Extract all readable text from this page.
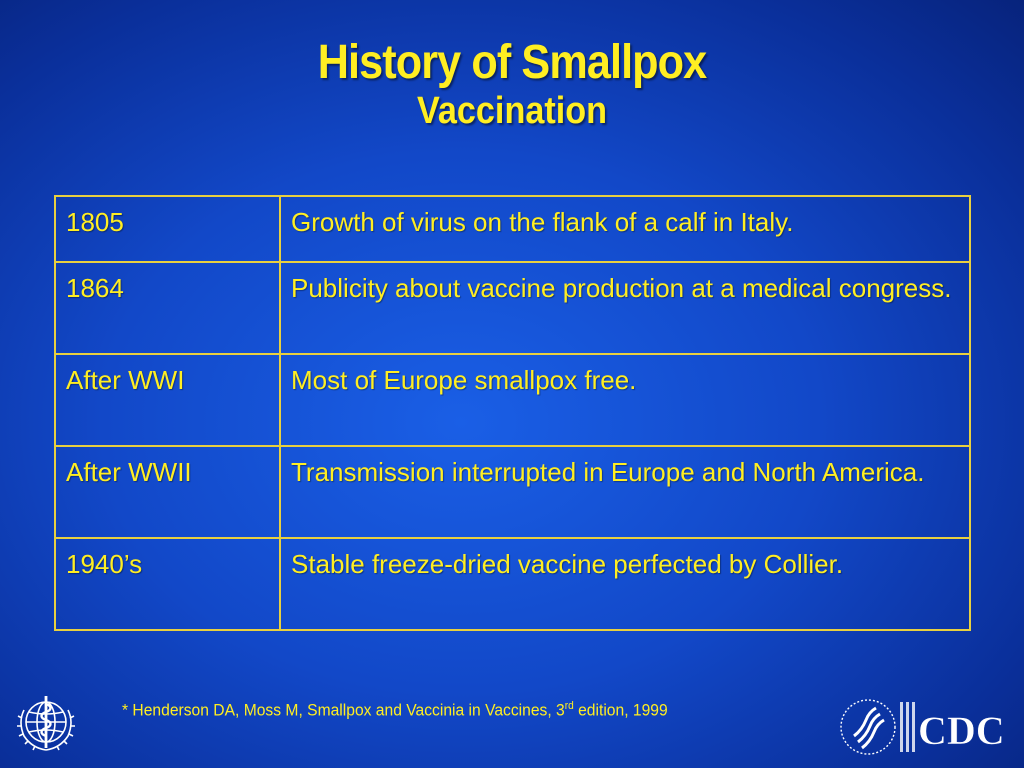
History of Smallpox
Vaccination
1805	Growth of virus on the flank of a calf in Italy.
1864	Publicity about vaccine production at a medical congress.
After WWI	Most of Europe smallpox free.
After WWII	Transmission interrupted in Europe and North America.
1940’s	Stable freeze-dried vaccine perfected by Collier.
* Henderson DA, Moss M, Smallpox and Vaccinia in Vaccines, 3rd edition, 1999	CDC
